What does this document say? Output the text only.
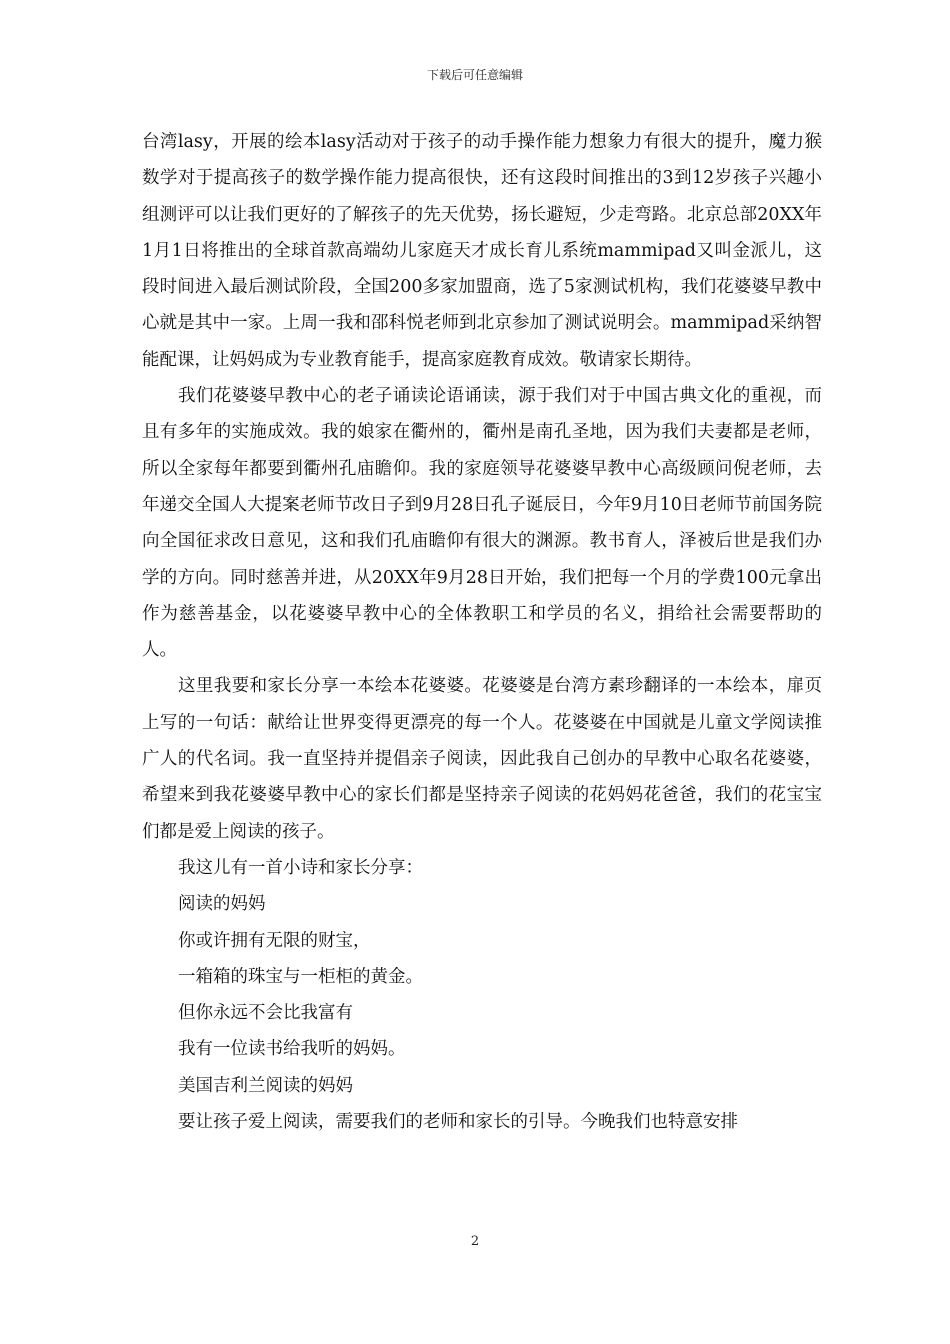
下载后可任意编辑

台湾lasy，开展的绘本lasy活动对于孩子的动手操作能力想象力有很大的提升，魔力猴数学对于提高孩子的数学操作能力提高很快，还有这段时间推出的3到12岁孩子兴趣小组测评可以让我们更好的了解孩子的先天优势，扬长避短，少走弯路。北京总部20XX年1月1日将推出的全球首款高端幼儿家庭天才成长育儿系统mammipad又叫金派儿，这段时间进入最后测试阶段，全国200多家加盟商，选了5家测试机构，我们花婆婆早教中心就是其中一家。上周一我和邵科悦老师到北京参加了测试说明会。mammipad采纳智能配课，让妈妈成为专业教育能手，提高家庭教育成效。敬请家长期待。

我们花婆婆早教中心的老子诵读论语诵读，源于我们对于中国古典文化的重视，而且有多年的实施成效。我的娘家在衢州的，衢州是南孔圣地，因为我们夫妻都是老师，所以全家每年都要到衢州孔庙瞻仰。我的家庭领导花婆婆早教中心高级顾问倪老师，去年递交全国人大提案老师节改日子到9月28日孔子诞辰日，今年9月10日老师节前国务院向全国征求改日意见，这和我们孔庙瞻仰有很大的渊源。教书育人，泽被后世是我们办学的方向。同时慈善并进，从20XX年9月28日开始，我们把每一个月的学费100元拿出作为慈善基金，以花婆婆早教中心的全体教职工和学员的名义，捐给社会需要帮助的人。

这里我要和家长分享一本绘本花婆婆。花婆婆是台湾方素珍翻译的一本绘本，扉页上写的一句话：献给让世界变得更漂亮的每一个人。花婆婆在中国就是儿童文学阅读推广人的代名词。我一直坚持并提倡亲子阅读，因此我自己创办的早教中心取名花婆婆，希望来到我花婆婆早教中心的家长们都是坚持亲子阅读的花妈妈花爸爸，我们的花宝宝们都是爱上阅读的孩子。

我这儿有一首小诗和家长分享：

阅读的妈妈

你或许拥有无限的财宝，

一箱箱的珠宝与一柜柜的黄金。

但你永远不会比我富有

我有一位读书给我听的妈妈。

美国吉利兰阅读的妈妈

要让孩子爱上阅读，需要我们的老师和家长的引导。今晚我们也特意安排

2
